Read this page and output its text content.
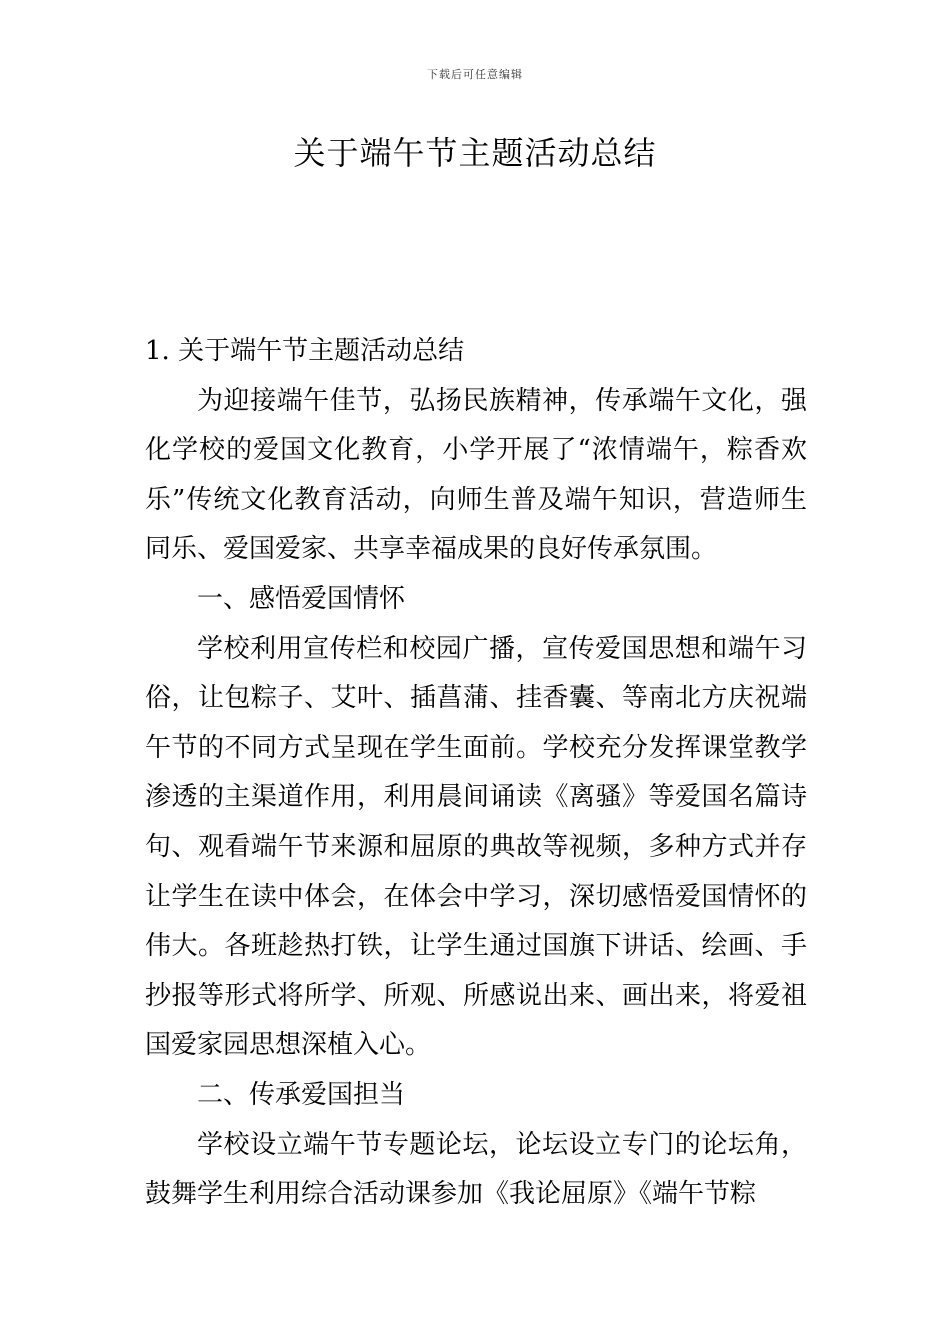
下载后可任意编辑
关于端午节主题活动总结

1. 关于端午节主题活动总结

为迎接端午佳节，弘扬民族精神，传承端午文化，强化学校的爱国文化教育，小学开展了“浓情端午，粽香欢乐”传统文化教育活动，向师生普及端午知识，营造师生同乐、爱国爱家、共享幸福成果的良好传承氛围。

一、感悟爱国情怀

学校利用宣传栏和校园广播，宣传爱国思想和端午习俗，让包粽子、艾叶、插菖蒲、挂香囊、等南北方庆祝端午节的不同方式呈现在学生面前。学校充分发挥课堂教学渗透的主渠道作用，利用晨间诵读《离骚》等爱国名篇诗句、观看端午节来源和屈原的典故等视频，多种方式并存让学生在读中体会，在体会中学习，深切感悟爱国情怀的伟大。各班趁热打铁，让学生通过国旗下讲话、绘画、手抄报等形式将所学、所观、所感说出来、画出来，将爱祖国爱家园思想深植入心。

二、传承爱国担当

学校设立端午节专题论坛，论坛设立专门的论坛角，鼓舞学生利用综合活动课参加《我论屈原》《端午节粽
